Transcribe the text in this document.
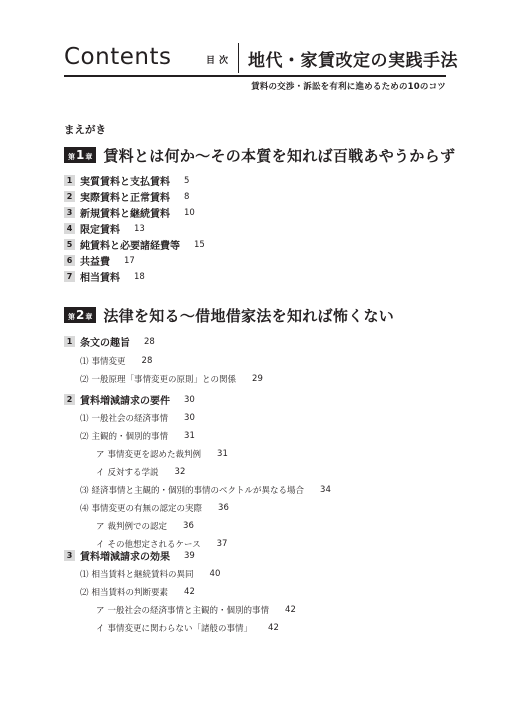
Contents	目次 地代・家賃改定の実践手法
賃料の交渉・訴訟を有利に進めるための10のコツ
まえがき
第 1 章 賃料とは何か〜その本質を知れば百戦あやうからず
1 実質賃料と支払賃料 5
2 実際賃料と正常賃料 8
3 新規賃料と継続賃料 10
4 限定賃料 13
5 純賃料と必要諸経費等 15
6 共益費 17
7 相当賃料 18
第 2 章 法律を知る〜借地借家法を知れば怖くない
1 条文の趣旨 28
⑴ 事情変更 28
⑵ 一般原理「事情変更の原則」との関係 29
2 賃料増減請求の要件 30
⑴ 一般社会の経済事情 30
⑵ 主観的・個別的事情 31
ア 事情変更を認めた裁判例 31
イ 反対する学説 32
⑶ 経済事情と主観的・個別的事情のベクトルが異なる場合 34
⑷ 事情変更の有無の認定の実際 36
ア 裁判例での認定 36
イ その他想定されるケース 37
3 賃料増減請求の効果 39
⑴ 相当賃料と継続賃料の異同 40
⑵ 相当賃料の判断要素 42
ア 一般社会の経済事情と主観的・個別的事情 42
イ 事情変更に関わらない「諸般の事情」 42
